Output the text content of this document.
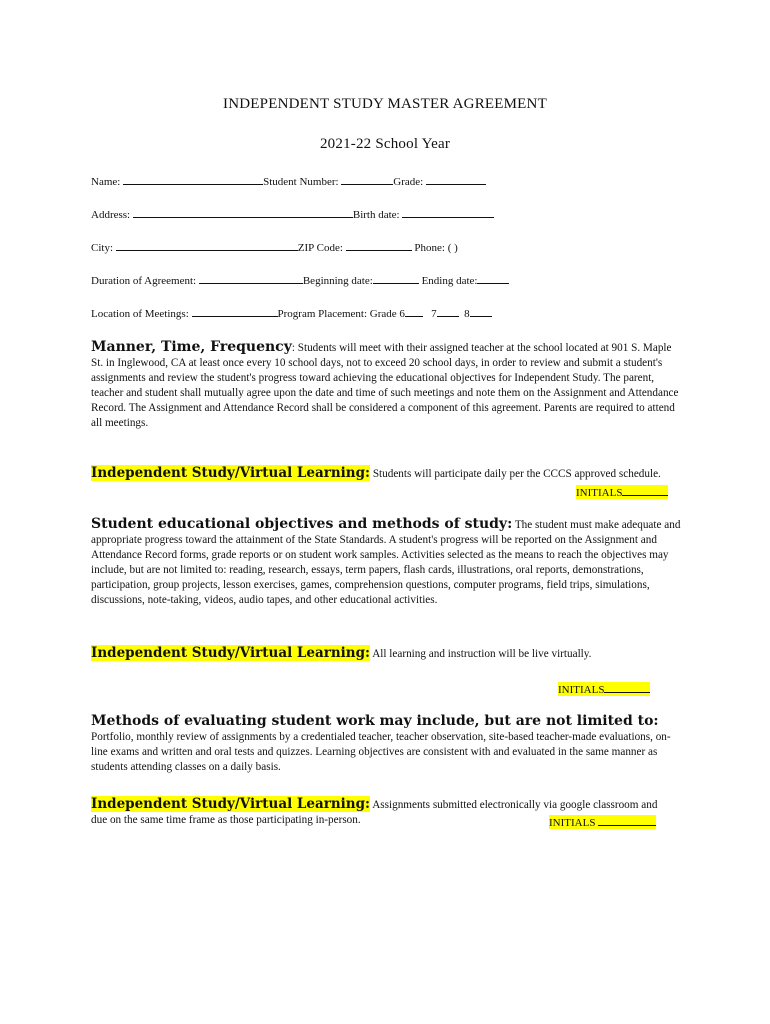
INDEPENDENT STUDY MASTER AGREEMENT
2021-22 School Year
Name:	Student Number:	Grade:
Address:	Birth date:
City:	ZIP Code:	Phone: ( )
Duration of Agreement:	Beginning date:	Ending date:
Location of Meetings:	Program Placement: Grade 6 7	8
Manner, Time, Frequency: Students will meet with their assigned teacher at the school located at 901 S. Maple St. in Inglewood, CA at least once every 10 school days, not to exceed 20 school days, in order to review and submit a student's assignments and review the student's progress toward achieving the educational objectives for Independent Study. The parent, teacher and student shall mutually agree upon the date and time of such meetings and note them on the Assignment and Attendance Record. The Assignment and Attendance Record shall be considered a component of this agreement. Parents are required to attend all meetings.
Independent Study/Virtual Learning: Students will participate daily per the CCCS approved schedule.
INITIALS
Student educational objectives and methods of study: The student must make adequate and appropriate progress toward the attainment of the State Standards. A student's progress will be reported on the Assignment and Attendance Record forms, grade reports or on student work samples. Activities selected as the means to reach the objectives may include, but are not limited to: reading, research, essays, term papers, flash cards, illustrations, oral reports, demonstrations, participation, group projects, lesson exercises, games, comprehension questions, computer programs, field trips, simulations, discussions, note-taking, videos, audio tapes, and other educational activities.
Independent Study/Virtual Learning: All learning and instruction will be live virtually.
INITIALS
Methods of evaluating student work may include, but are not limited to: Portfolio, monthly review of assignments by a credentialed teacher, teacher observation, site-based teacher-made evaluations, on-line exams and written and oral tests and quizzes. Learning objectives are consistent with and evaluated in the same manner as students attending classes on a daily basis.
Independent Study/Virtual Learning: Assignments submitted electronically via google classroom and due on the same time frame as those participating in-person.	INITIALS
